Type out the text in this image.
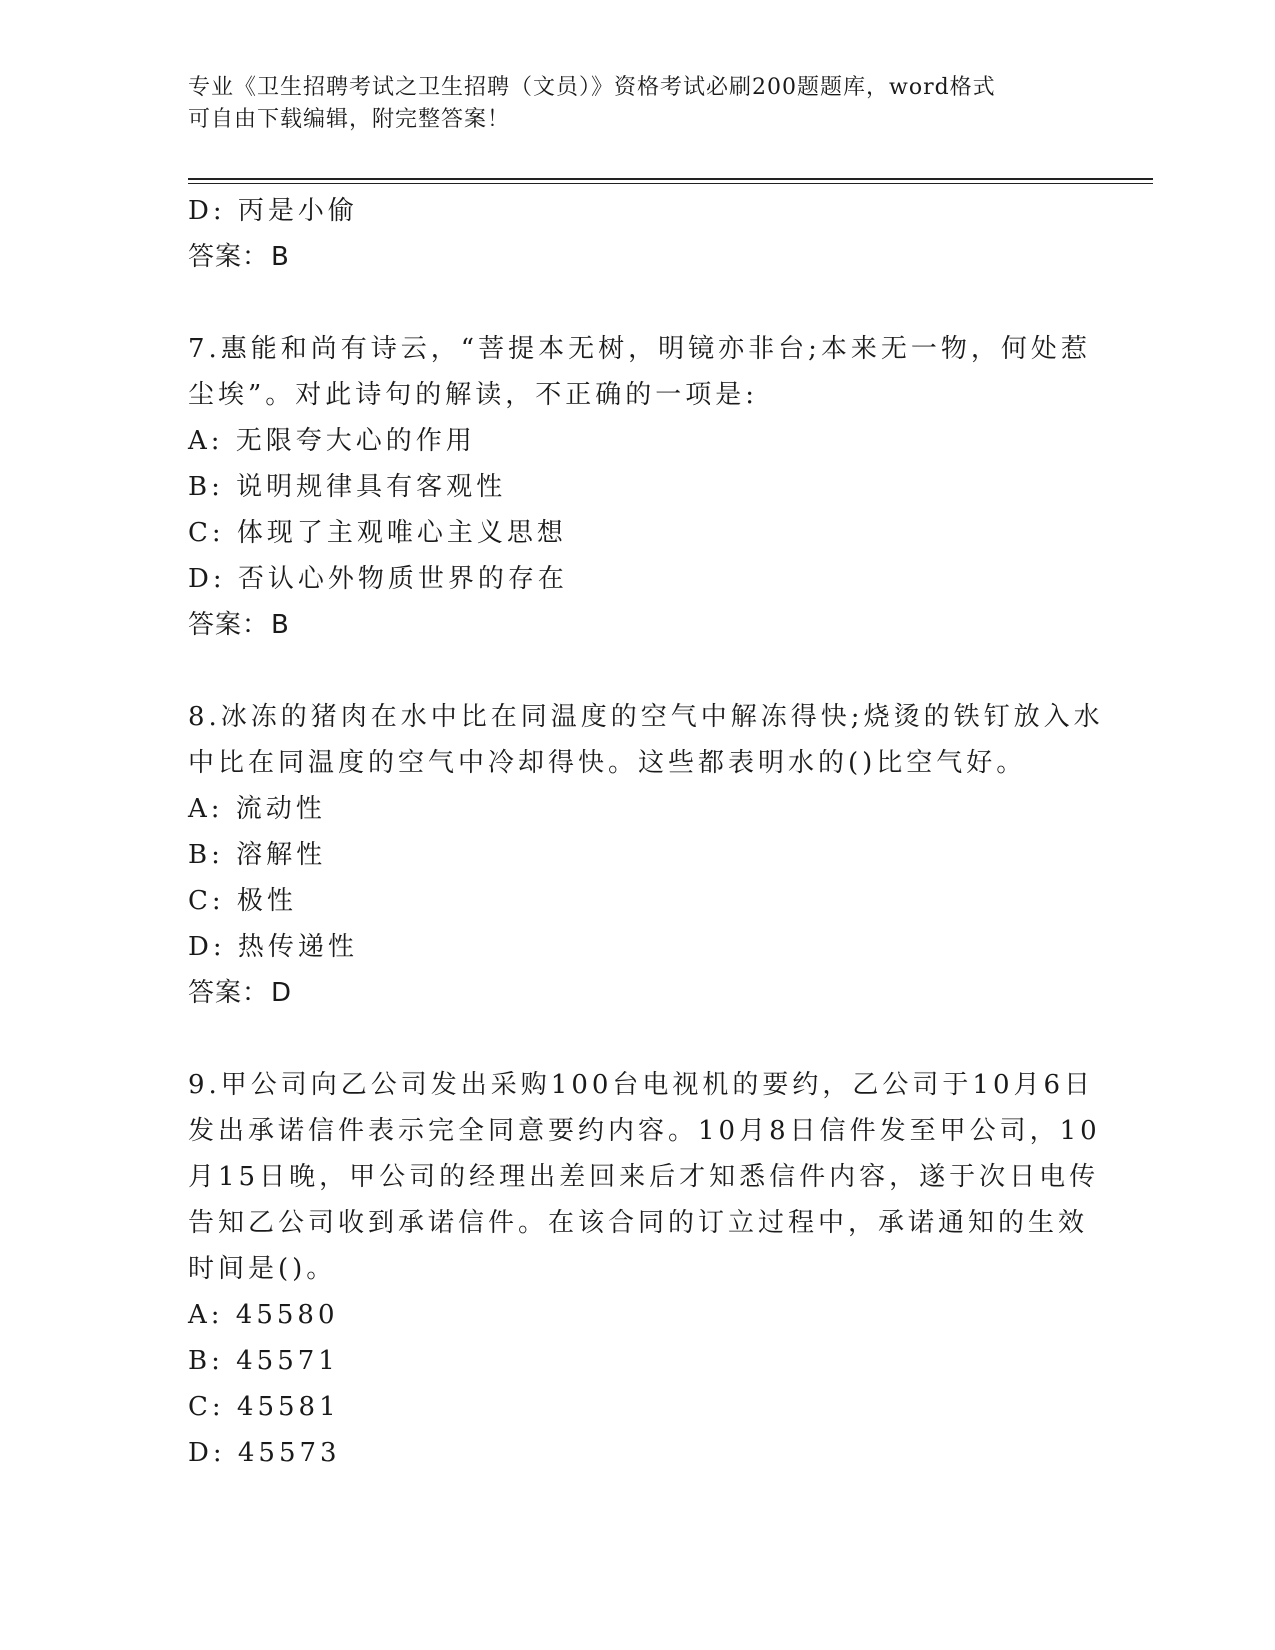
专业《卫生招聘考试之卫生招聘（文员）》资格考试必刷200题题库，word格式
可自由下载编辑，附完整答案！
D: 丙是小偷
答案：B
7.惠能和尚有诗云，“菩提本无树，明镜亦非台;本来无一物，何处惹
尘埃”。对此诗句的解读，不正确的一项是:
A: 无限夸大心的作用
B: 说明规律具有客观性
C: 体现了主观唯心主义思想
D: 否认心外物质世界的存在
答案：B
8.冰冻的猪肉在水中比在同温度的空气中解冻得快;烧烫的铁钉放入水
中比在同温度的空气中冷却得快。这些都表明水的()比空气好。
A: 流动性
B: 溶解性
C: 极性
D: 热传递性
答案：D
9.甲公司向乙公司发出采购100台电视机的要约，乙公司于10月6日
发出承诺信件表示完全同意要约内容。10月8日信件发至甲公司，10
月15日晚，甲公司的经理出差回来后才知悉信件内容，遂于次日电传
告知乙公司收到承诺信件。在该合同的订立过程中，承诺通知的生效
时间是()。
A: 45580
B: 45571
C: 45581
D: 45573
